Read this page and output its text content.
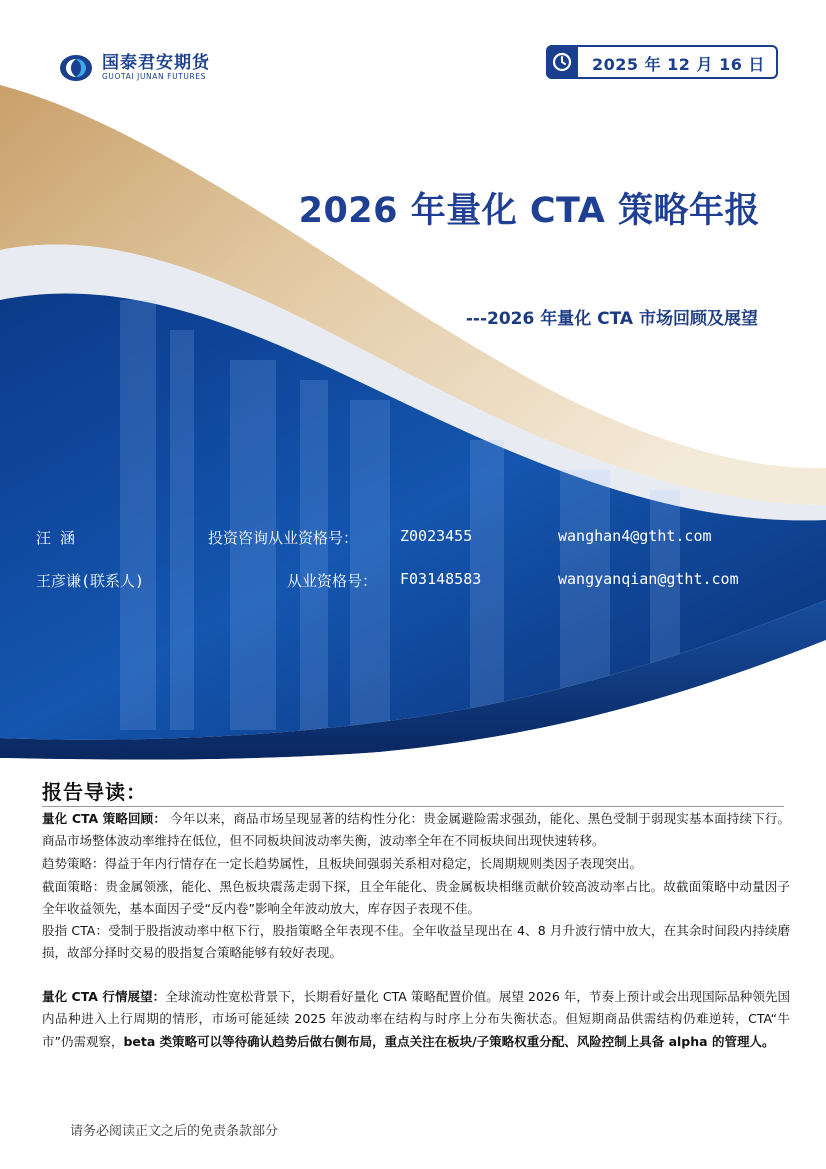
国泰君安期货
GUOTAI JUNAN FUTURES
2025 年 12 月 16 日
2026 年量化 CTA 策略年报
---2026 年量化 CTA 市场回顾及展望
汪 涵	投资咨询从业资格号：	Z0023455	wanghan4@gtht.com
王彦谦(联系人)	从业资格号： F03148583	wangyanqian@gtht.com
报告导读：
量化 CTA 策略回顾： 今年以来，商品市场呈现显著的结构性分化：贵金属避险需求强劲，能化、黑色受制于弱现实基本面持续下行。商品市场整体波动率维持在低位，但不同板块间波动率失衡，波动率全年在不同板块间出现快速转移。
趋势策略：得益于年内行情存在一定长趋势属性，且板块间强弱关系相对稳定，长周期规则类因子表现突出。
截面策略：贵金属领涨，能化、黑色板块震荡走弱下探，且全年能化、贵金属板块相继贡献价较高波动率占比。故截面策略中动量因子全年收益领先，基本面因子受“反内卷”影响全年波动放大，库存因子表现不佳。
股指 CTA：受制于股指波动率中枢下行，股指策略全年表现不佳。全年收益呈现出在 4、8 月升波行情中放大，在其余时间段内持续磨损，故部分择时交易的股指复合策略能够有较好表现。
量化 CTA 行情展望：全球流动性宽松背景下，长期看好量化 CTA 策略配置价值。展望 2026 年，节奏上预计或会出现国际品种领先国内品种进入上行周期的情形，市场可能延续 2025 年波动率在结构与时序上分布失衡状态。但短期商品供需结构仍难逆转，CTA“牛市”仍需观察，beta 类策略可以等待确认趋势后做右侧布局，重点关注在板块/子策略权重分配、风险控制上具备 alpha 的管理人。
请务必阅读正文之后的免责条款部分
